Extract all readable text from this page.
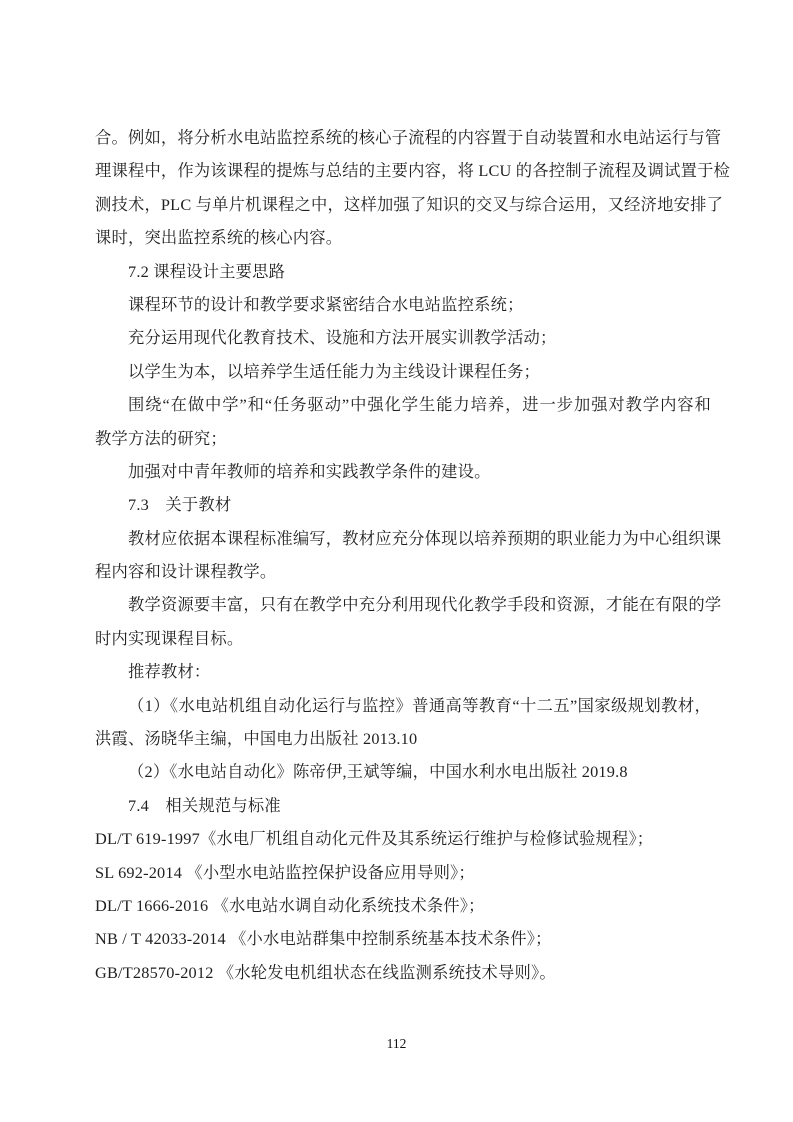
合。例如，将分析水电站监控系统的核心子流程的内容置于自动装置和水电站运行与管
理课程中，作为该课程的提炼与总结的主要内容，将 LCU 的各控制子流程及调试置于检
测技术，PLC 与单片机课程之中，这样加强了知识的交叉与综合运用，又经济地安排了
课时，突出监控系统的核心内容。
7.2 课程设计主要思路
课程环节的设计和教学要求紧密结合水电站监控系统；
充分运用现代化教育技术、设施和方法开展实训教学活动；
以学生为本，以培养学生适任能力为主线设计课程任务；
围绕“在做中学”和“任务驱动”中强化学生能力培养，进一步加强对教学内容和
教学方法的研究；
加强对中青年教师的培养和实践教学条件的建设。
7.3　关于教材
教材应依据本课程标准编写，教材应充分体现以培养预期的职业能力为中心组织课
程内容和设计课程教学。
教学资源要丰富，只有在教学中充分利用现代化教学手段和资源，才能在有限的学
时内实现课程目标。
推荐教材：
（1）《水电站机组自动化运行与监控》普通高等教育“十二五”国家级规划教材，
洪霞、汤晓华主编，中国电力出版社 2013.10
（2）《水电站自动化》陈帝伊,王斌等编，中国水利水电出版社 2019.8
7.4　相关规范与标准
DL/T 619-1997《水电厂机组自动化元件及其系统运行维护与检修试验规程》；
SL 692-2014 《小型水电站监控保护设备应用导则》；
DL/T 1666-2016 《水电站水调自动化系统技术条件》；
NB / T 42033-2014 《小水电站群集中控制系统基本技术条件》；
GB/T28570-2012 《水轮发电机组状态在线监测系统技术导则》。
112
